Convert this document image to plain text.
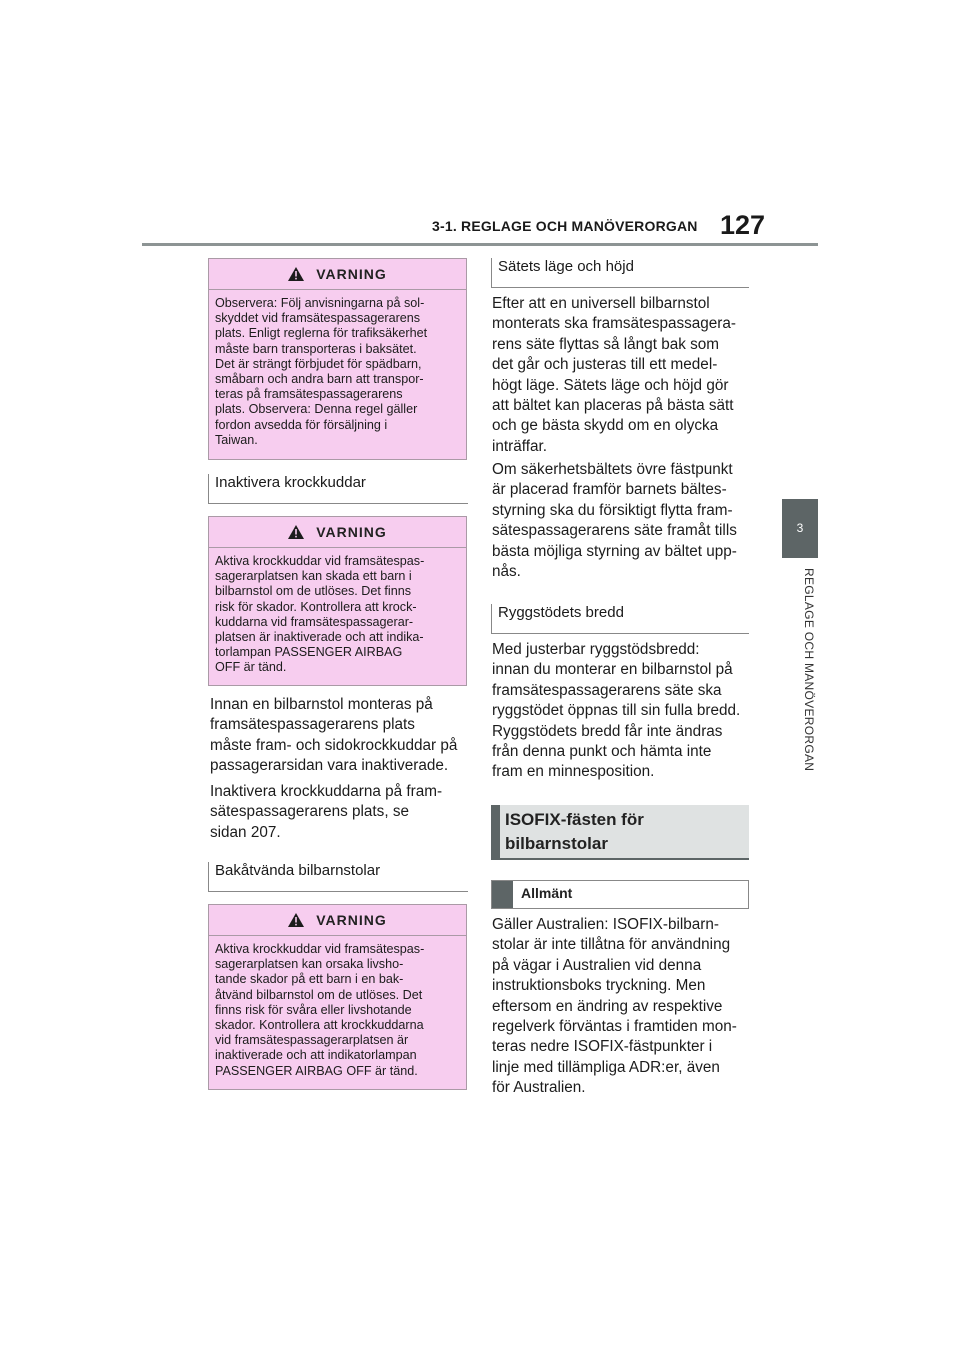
3-1. REGLAGE OCH MANÖVERORGAN 127
3
REGLAGE OCH MANÖVERORGAN
VARNING
Observera: Följ anvisningarna på sol-
skyddet vid framsätespassagerarens
plats. Enligt reglerna för trafiksäkerhet
måste barn transporteras i baksätet.
Det är strängt förbjudet för spädbarn,
småbarn och andra barn att transpor-
teras på framsätespassagerarens
plats. Observera: Denna regel gäller
fordon avsedda för försäljning i
Taiwan.
Inaktivera krockkuddar
VARNING
Aktiva krockkuddar vid framsätespas-
sagerarplatsen kan skada ett barn i
bilbarnstol om de utlöses. Det finns
risk för skador. Kontrollera att krock-
kuddarna vid framsätespassagerar-
platsen är inaktiverade och att indika-
torlampan PASSENGER AIRBAG
OFF är tänd.
Innan en bilbarnstol monteras på
framsätespassagerarens plats
måste fram- och sidokrockkuddar på
passagerarsidan vara inaktiverade.
Inaktivera krockkuddarna på fram-
sätespassagerarens plats, se
sidan 207.
Bakåtvända bilbarnstolar
VARNING
Aktiva krockkuddar vid framsätespas-
sagerarplatsen kan orsaka livsho-
tande skador på ett barn i en bak-
åtvänd bilbarnstol om de utlöses. Det
finns risk för svåra eller livshotande
skador. Kontrollera att krockkuddarna
vid framsätespassagerarplatsen är
inaktiverade och att indikatorlampan
PASSENGER AIRBAG OFF är tänd.
Sätets läge och höjd
Efter att en universell bilbarnstol
monterats ska framsätespassagera-
rens säte flyttas så långt bak som
det går och justeras till ett medel-
högt läge. Sätets läge och höjd gör
att bältet kan placeras på bästa sätt
och ge bästa skydd om en olycka
inträffar.
Om säkerhetsbältets övre fästpunkt
är placerad framför barnets bältes-
styrning ska du försiktigt flytta fram-
sätespassagerarens säte framåt tills
bästa möjliga styrning av bältet upp-
nås.
Ryggstödets bredd
Med justerbar ryggstödsbredd:
innan du monterar en bilbarnstol på
framsätespassagerarens säte ska
ryggstödet öppnas till sin fulla bredd.
Ryggstödets bredd får inte ändras
från denna punkt och hämta inte
fram en minnesposition.
ISOFIX-fästen för
bilbarnstolar
Allmänt
Gäller Australien: ISOFIX-bilbarn-
stolar är inte tillåtna för användning
på vägar i Australien vid denna
instruktionsboks tryckning. Men
eftersom en ändring av respektive
regelverk förväntas i framtiden mon-
teras nedre ISOFIX-fästpunkter i
linje med tillämpliga ADR:er, även
för Australien.
